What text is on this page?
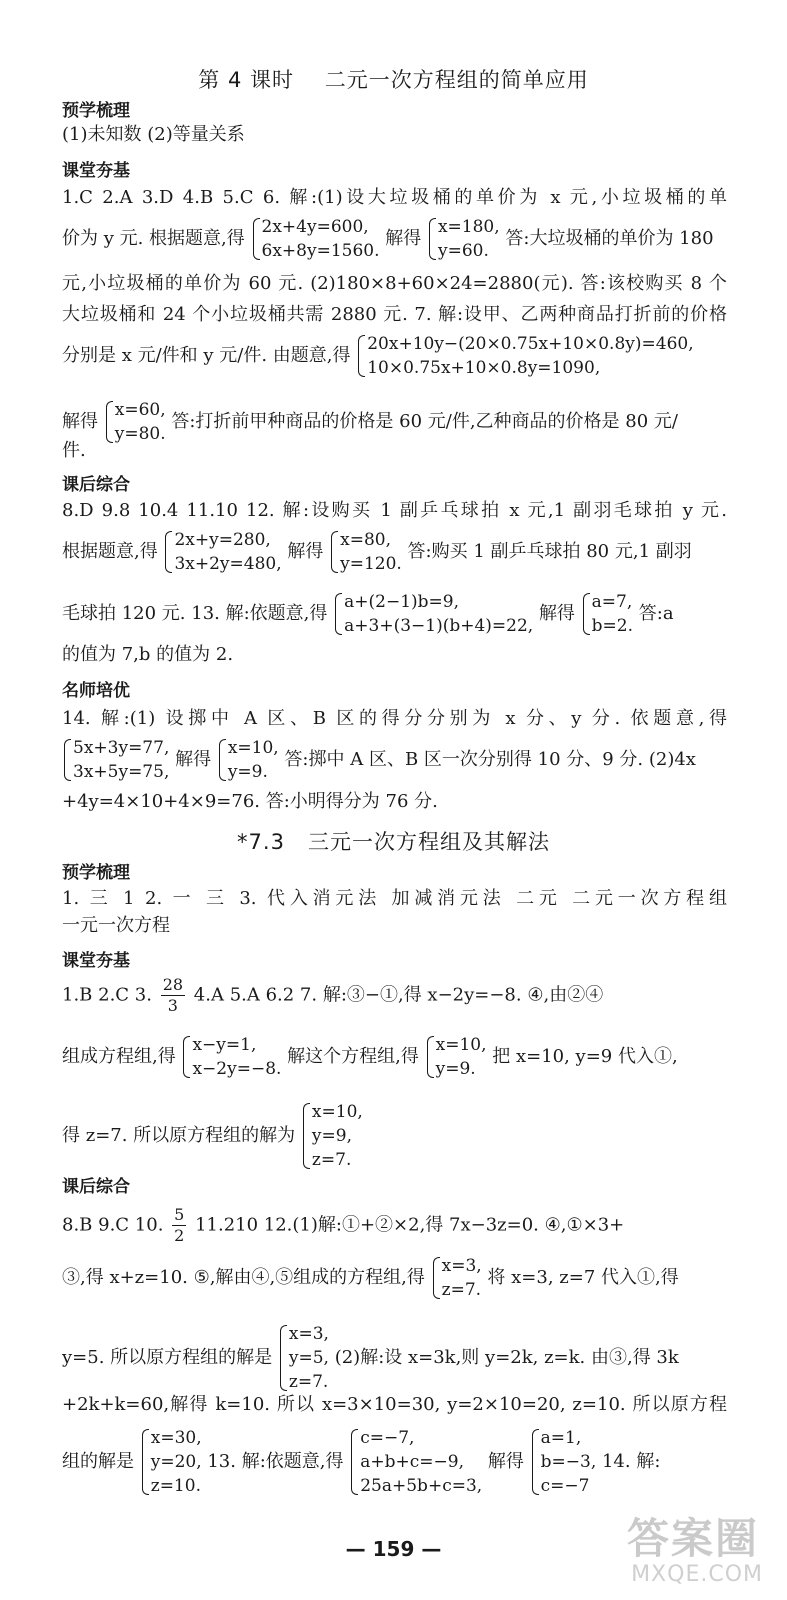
第 4 课时    二元一次方程组的简单应用
预学梳理
(1)未知数 (2)等量关系
课堂夯基
1.C 2.A 3.D 4.B 5.C 6. 解:(1)设大垃圾桶的单价为 x 元,小垃圾桶的单
价为 y 元. 根据题意,得
2x+4y=600,
6x+8y=1560.
解得
x=180,
y=60.
答:大垃圾桶的单价为 180
元,小垃圾桶的单价为 60 元. (2)180×8+60×24=2880(元). 答:该校购买 8 个
大垃圾桶和 24 个小垃圾桶共需 2880 元. 7. 解:设甲、乙两种商品打折前的价格
分别是 x 元/件和 y 元/件. 由题意,得
20x+10y−(20×0.75x+10×0.8y)=460,
10×0.75x+10×0.8y=1090,
解得
x=60,
y=80.
答:打折前甲种商品的价格是 60 元/件,乙种商品的价格是 80 元/
件.
课后综合
8.D 9.8 10.4 11.10 12. 解:设购买 1 副乒乓球拍 x 元,1 副羽毛球拍 y 元.
根据题意,得
2x+y=280,
3x+2y=480,
解得
x=80,
y=120.
答:购买 1 副乒乓球拍 80 元,1 副羽
毛球拍 120 元. 13. 解:依题意,得
a+(2−1)b=9,
a+3+(3−1)(b+4)=22,
解得
a=7,
b=2.
答:a
的值为 7,b 的值为 2.
名师培优
14. 解:(1) 设掷中 A 区、B 区的得分分别为 x 分、y 分. 依题意,得
5x+3y=77,
3x+5y=75,
解得
x=10,
y=9.
答:掷中 A 区、B 区一次分别得 10 分、9 分. (2)4x
+4y=4×10+4×9=76. 答:小明得分为 76 分.
*7.3   三元一次方程组及其解法
预学梳理
1. 三 1 2. 一 三 3. 代入消元法 加减消元法 二元 二元一次方程组
一元一次方程
课堂夯基
1.B 2.C 3. $\frac{28}{3} 4.A$ 5.A 6.2 7. 解:③−①,得 x−2y=−8. ④,由②④
组成方程组,得
x−y=1,
x−2y=−8.
解这个方程组,得
x=10,
y=9.
把 x=10, y=9 代入①,
得 z=7. 所以原方程组的解为
x=10,
y=9,
z=7.
课后综合
8.B 9.C 10. $\frac{5}{2} 11.210$ 12.(1)解:①+②×2,得 7x−3z=0. ④,①×3+
③,得 x+z=10. ⑤,解由④,⑤组成的方程组,得
x=3,
z=7.
将 x=3, z=7 代入①,得
y=5. 所以原方程组的解是
x=3,
y=5,
z=7.
(2)解:设 x=3k,则 y=2k, z=k. 由③,得 3k
+2k+k=60,解得 k=10. 所以 x=3×10=30, y=2×10=20, z=10. 所以原方程
组的解是
x=30,
y=20,
z=10.
13. 解:依题意,得
c=−7,
a+b+c=−9,
25a+5b+c=3,
解得
a=1,
b=−3,
c=−7
14. 解:
— 159 —	答案圈
MXQE.COM
